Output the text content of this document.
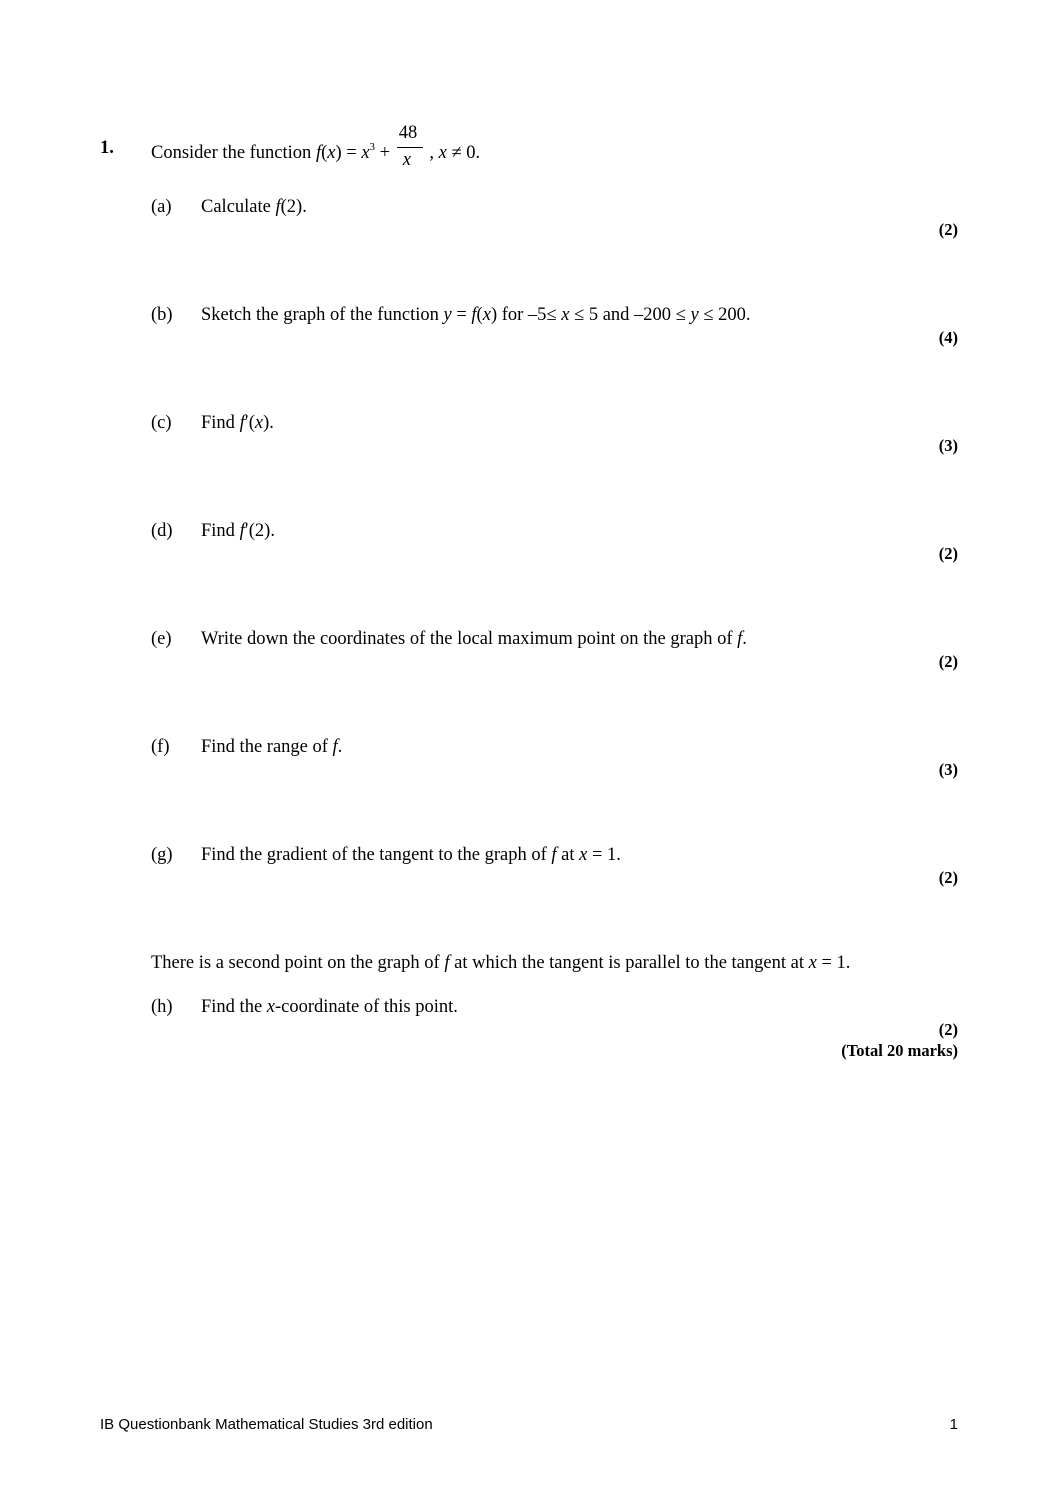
1. Consider the function $f(x) = x^3 + \frac{48}{x}$ , x ≠ 0.
(a) Calculate f(2).
(2)
(b) Sketch the graph of the function y = f(x) for –5≤ x ≤ 5 and –200 ≤ y ≤ 200.
(4)
(c) Find f′(x).
(3)
(d) Find f′(2).
(2)
(e) Write down the coordinates of the local maximum point on the graph of f.
(2)
(f) Find the range of f.
(3)
(g) Find the gradient of the tangent to the graph of f at x = 1.
(2)
There is a second point on the graph of f at which the tangent is parallel to the tangent at x = 1.
(h) Find the x-coordinate of this point.
(2)
(Total 20 marks)
IB Questionbank Mathematical Studies 3rd edition	1
